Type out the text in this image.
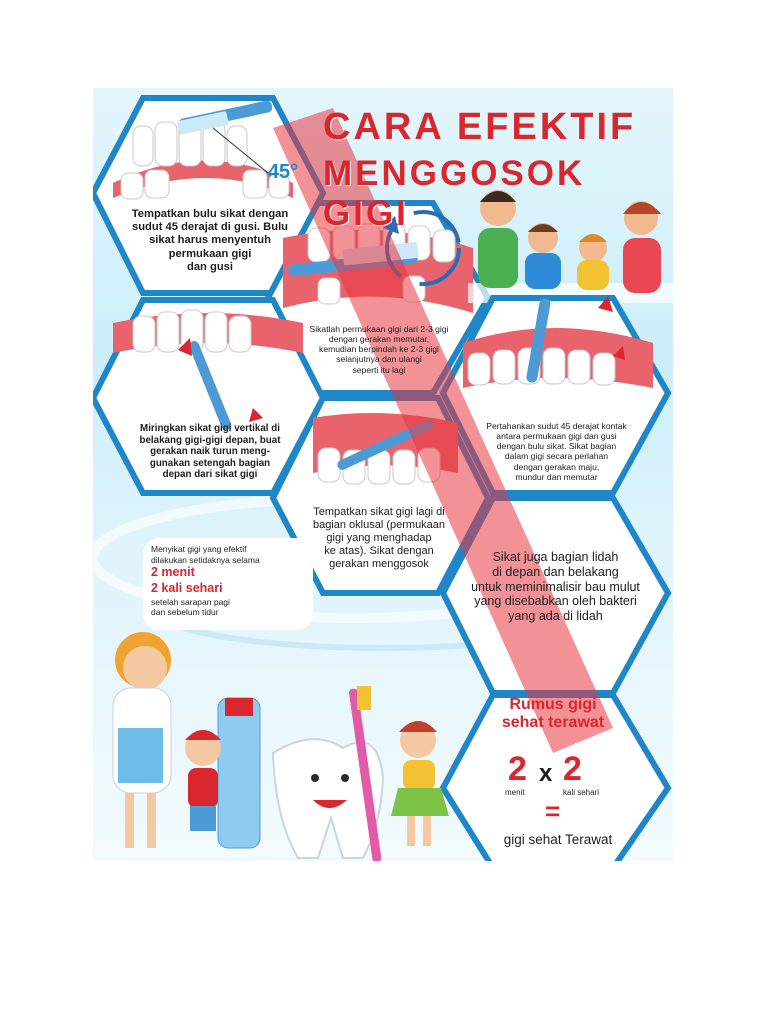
CARA EFEKTIF
MENGGOSOK GIGI
45°
Tempatkan bulu sikat dengan
sudut 45 derajat di gusi. Bulu
sikat harus menyentuh
permukaan gigi
dan gusi
Sikatlah permukaan gigi dari 2-3 gigi
dengan gerakan memutar,
kemudian berpindah ke 2-3 gigi
selanjutnya dan ulangi
seperti itu lagi
Miringkan sikat gigi vertikal di
belakang gigi-gigi depan, buat
gerakan naik turun meng-
gunakan setengah bagian
depan dari sikat gigi
Pertahankan sudut 45 derajat kontak
antara permukaan gigi dan gusi
dengan bulu sikat. Sikat bagian
dalam gigi secara perlahan
dengan gerakan maju,
mundur dan memutar
Tempatkan sikat gigi lagi di
bagian oklusal (permukaan
gigi yang menghadap
ke atas). Sikat dengan
gerakan menggosok	Sikat juga bagian lidah
di depan dan belakang
untuk meminimalisir bau mulut
yang disebabkan oleh bakteri
yang ada di lidah
Menyikat gigi yang efektif
dilakukan setidaknya selama
2 menit
2 kali sehari
setelah sarapan pagi
dan sebelum tidur
Rumus gigi
sehat terawat
2 x 2
menit	kali sehari
=
gigi sehat Terawat
